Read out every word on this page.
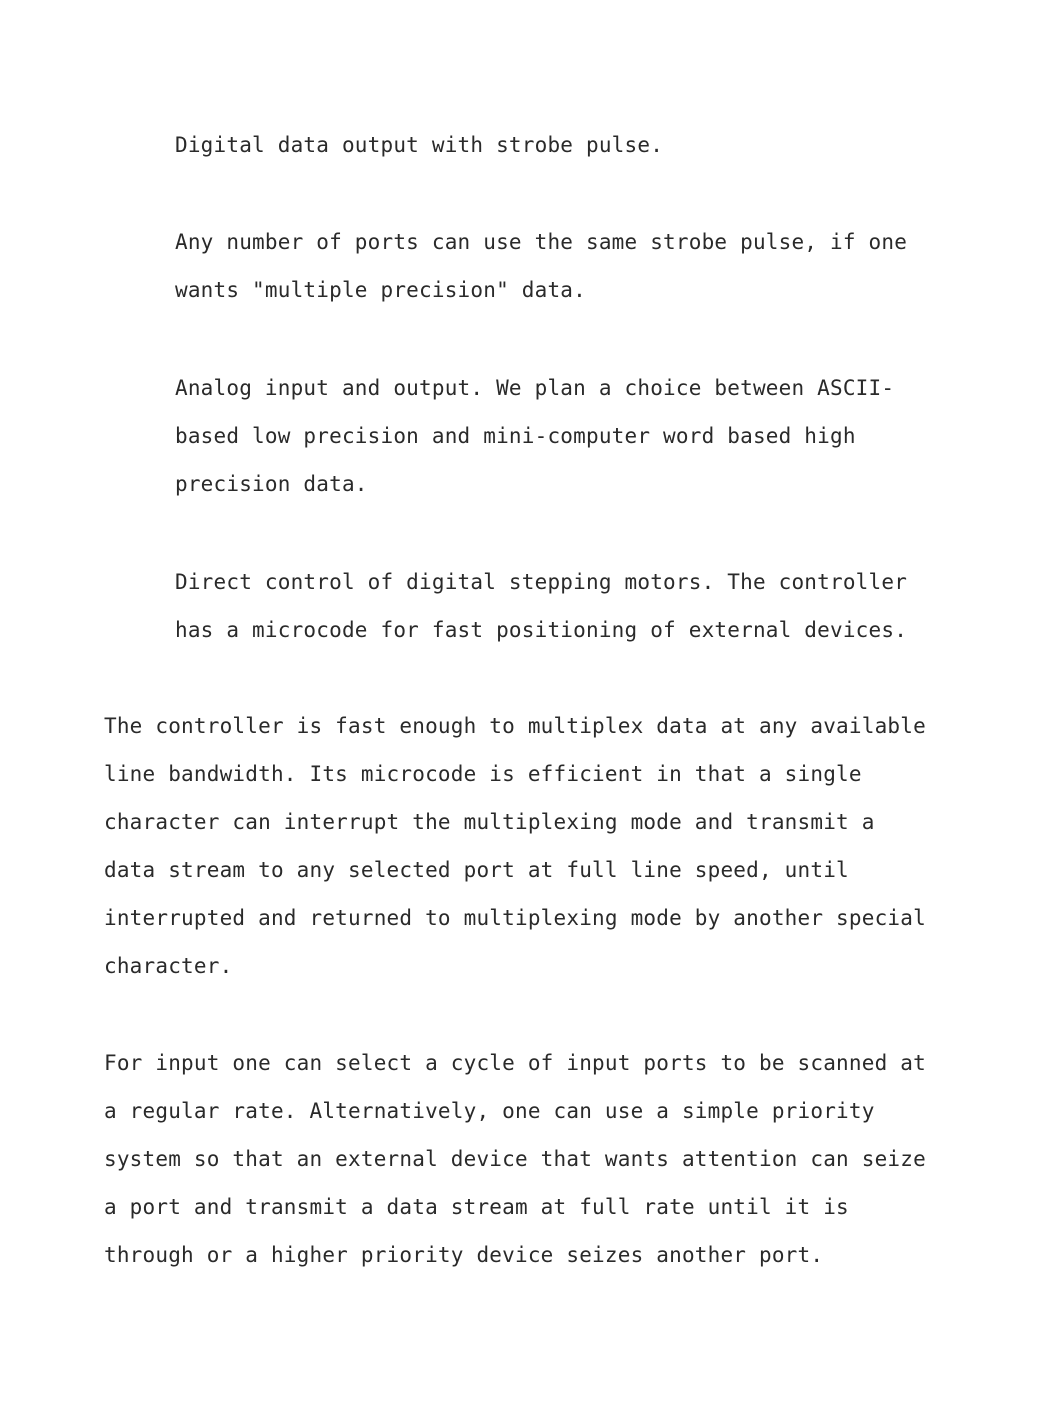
Digital data output with strobe pulse.

Any number of ports can use the same strobe pulse, if one
wants "multiple precision" data.

Analog input and output. We plan a choice between ASCII-
based low precision and mini-computer word based high
precision data.

Direct control of digital stepping motors. The controller
has a microcode for fast positioning of external devices.

The controller is fast enough to multiplex data at any available
line bandwidth. Its microcode is efficient in that a single
character can interrupt the multiplexing mode and transmit a
data stream to any selected port at full line speed, until
interrupted and returned to multiplexing mode by another special
character.

For input one can select a cycle of input ports to be scanned at
a regular rate. Alternatively, one can use a simple priority
system so that an external device that wants attention can seize
a port and transmit a data stream at full rate until it is
through or a higher priority device seizes another port.
